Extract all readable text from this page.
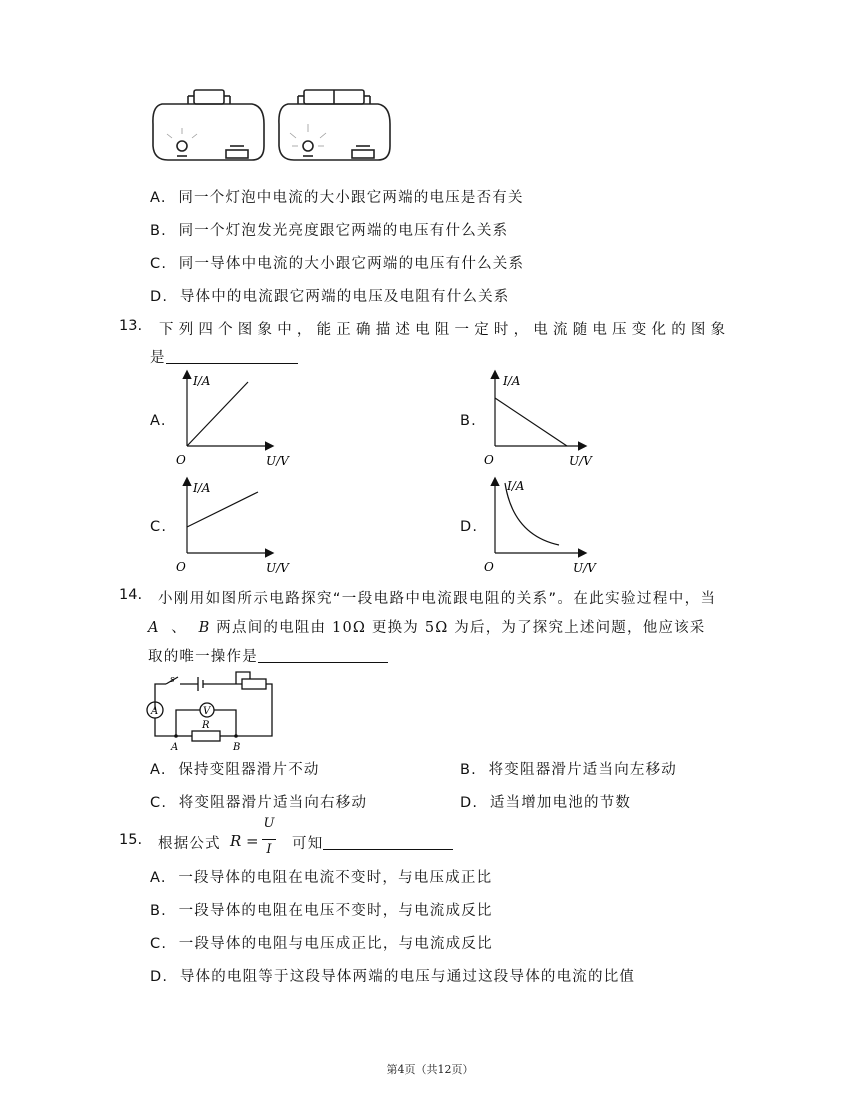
A. 同一个灯泡中电流的大小跟它两端的电压是否有关
B. 同一个灯泡发光亮度跟它两端的电压有什么关系
C. 同一导体中电流的大小跟它两端的电压有什么关系
D. 导体中的电流跟它两端的电压及电阻有什么关系
13. 下列四个图象中，能正确描述电阻一定时，电流随电压变化的图象
是
A.
I/A
U/V
O
B.
I/A
U/V
O
C.
I/A
U/V
O
D.
I/A
U/V
O
14. 小刚用如图所示电路探究“一段电路中电流跟电阻的关系”。在此实验过程中，当
A 、 B 两点间的电阻由 10Ω 更换为 5Ω 为后，为了探究上述问题，他应该采
取的唯一操作是
s
A	V
R
A	B
A. 保持变阻器滑片不动	B. 将变阻器滑片适当向左移动
C. 将变阻器滑片适当向右移动	D. 适当增加电池的节数
15. 根据公式 R =
U
I	可知
A. 一段导体的电阻在电流不变时，与电压成正比
B. 一段导体的电阻在电压不变时，与电流成反比
C. 一段导体的电阻与电压成正比，与电流成反比
D. 导体的电阻等于这段导体两端的电压与通过这段导体的电流的比值
第4页（共12页）
